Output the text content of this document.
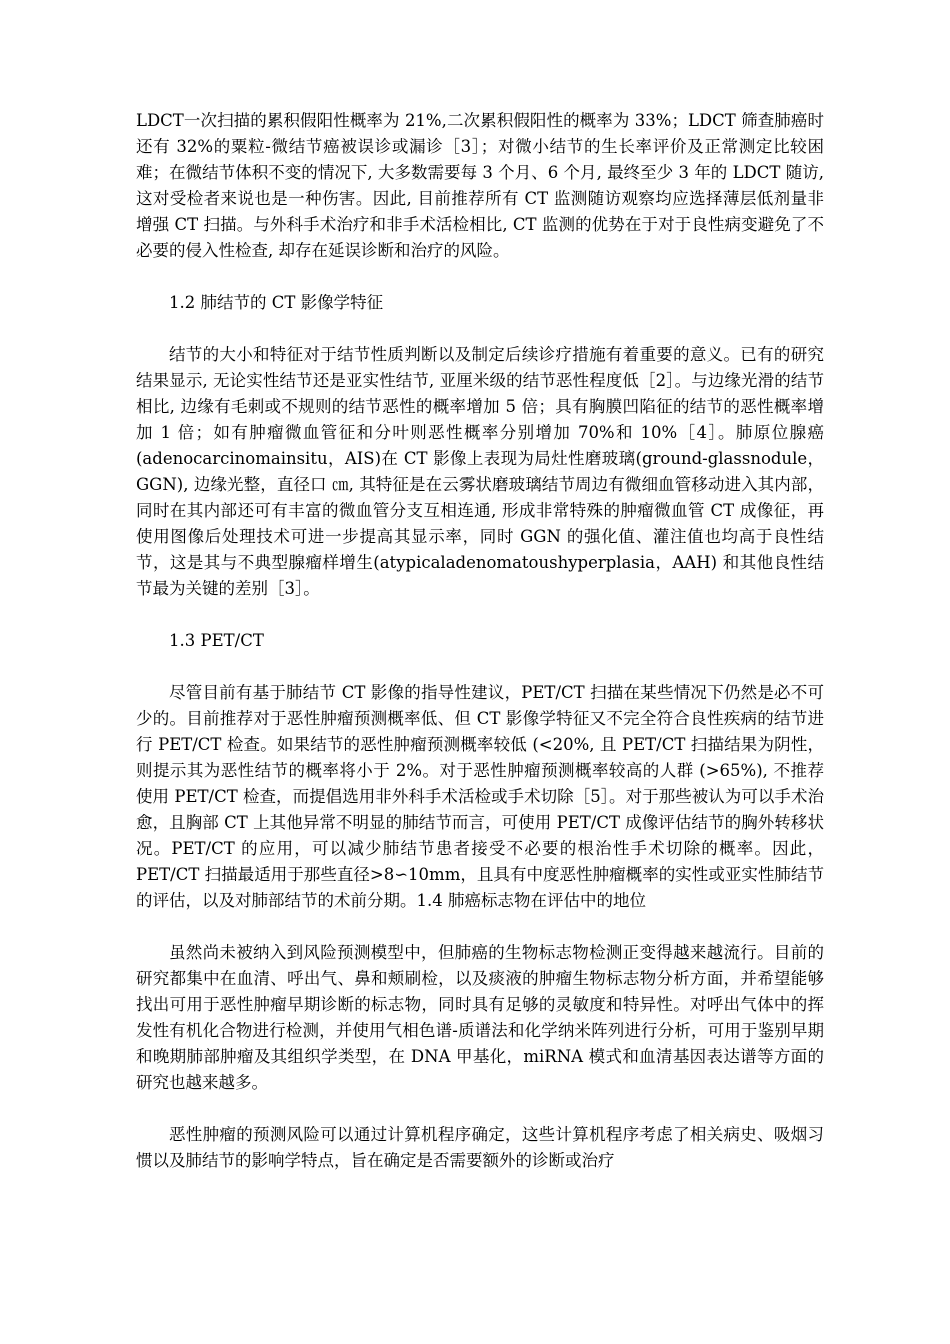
LDCT一次扫描的累积假阳性概率为 21%,二次累积假阳性的概率为 33%；LDCT 筛查肺癌时还有 32%的粟粒-微结节癌被误诊或漏诊［3］；对微小结节的生长率评价及正常测定比较困难；在微结节体积不变的情况下, 大多数需要每 3 个月、6 个月, 最终至少 3 年的 LDCT 随访, 这对受检者来说也是一种伤害。因此, 目前推荐所有 CT 监测随访观察均应选择薄层低剂量非增强 CT 扫描。与外科手术治疗和非手术活检相比, CT 监测的优势在于对于良性病变避免了不必要的侵入性检查, 却存在延误诊断和治疗的风险。

1.2 肺结节的 CT 影像学特征

结节的大小和特征对于结节性质判断以及制定后续诊疗措施有着重要的意义。已有的研究结果显示, 无论实性结节还是亚实性结节, 亚厘米级的结节恶性程度低［2］。与边缘光滑的结节相比, 边缘有毛刺或不规则的结节恶性的概率增加 5 倍；具有胸膜凹陷征的结节的恶性概率增加 1 倍；如有肿瘤微血管征和分叶则恶性概率分别增加 70%和 10%［4］。肺原位腺癌(adenocarcinomainsitu，AIS)在 CT 影像上表现为局灶性磨玻璃(ground-glassnodule，GGN), 边缘光整，直径口 ㎝, 其特征是在云雾状磨玻璃结节周边有微细血管移动进入其内部，同时在其内部还可有丰富的微血管分支互相连通, 形成非常特殊的肿瘤微血管 CT 成像征，再使用图像后处理技术可进一步提高其显示率，同时 GGN 的强化值、灌注值也均高于良性结节，这是其与不典型腺瘤样增生(atypicaladenomatoushyperplasia，AAH) 和其他良性结节最为关键的差别［3］。

1.3 PET/CT

尽管目前有基于肺结节 CT 影像的指导性建议，PET/CT 扫描在某些情况下仍然是必不可少的。目前推荐对于恶性肿瘤预测概率低、但 CT 影像学特征又不完全符合良性疾病的结节进行 PET/CT 检查。如果结节的恶性肿瘤预测概率较低 (<20%, 且 PET/CT 扫描结果为阴性，则提示其为恶性结节的概率将小于 2%。对于恶性肿瘤预测概率较高的人群 (>65%), 不推荐使用 PET/CT 检查，而提倡选用非外科手术活检或手术切除［5］。对于那些被认为可以手术治愈，且胸部 CT 上其他异常不明显的肺结节而言，可使用 PET/CT 成像评估结节的胸外转移状况。PET/CT 的应用，可以减少肺结节患者接受不必要的根治性手术切除的概率。因此，PET/CT 扫描最适用于那些直径>8∽10mm，且具有中度恶性肿瘤概率的实性或亚实性肺结节的评估，以及对肺部结节的术前分期。1.4 肺癌标志物在评估中的地位

虽然尚未被纳入到风险预测模型中，但肺癌的生物标志物检测正变得越来越流行。目前的研究都集中在血清、呼出气、鼻和颊刷检，以及痰液的肿瘤生物标志物分析方面，并希望能够找出可用于恶性肿瘤早期诊断的标志物，同时具有足够的灵敏度和特异性。对呼出气体中的挥发性有机化合物进行检测，并使用气相色谱-质谱法和化学纳米阵列进行分析，可用于鉴别早期和晚期肺部肿瘤及其组织学类型，在 DNA 甲基化，miRNA 模式和血清基因表达谱等方面的研究也越来越多。

恶性肿瘤的预测风险可以通过计算机程序确定，这些计算机程序考虑了相关病史、吸烟习惯以及肺结节的影响学特点，旨在确定是否需要额外的诊断或治疗
